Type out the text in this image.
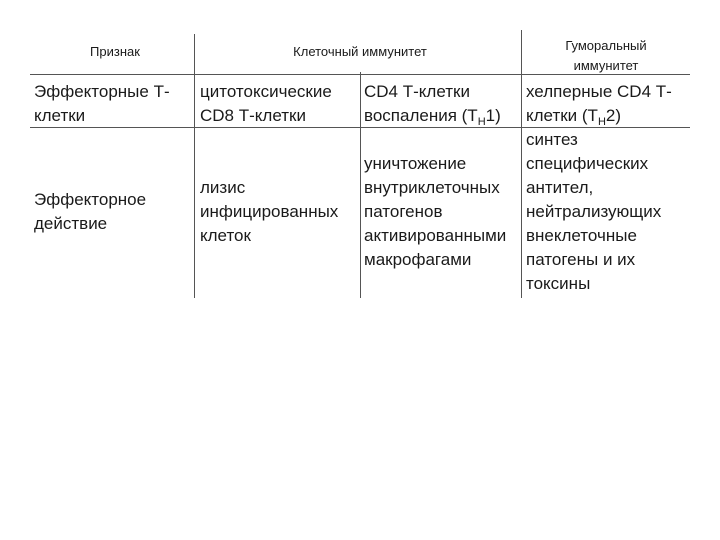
Признак	Клеточный иммунитет	Гуморальный
иммунитет
Эффекторные Т-
клетки
цитотоксические
CD8 Т-клетки
CD4 Т-клетки
воспаления $(Т_Н1)$
хелперные CD4 Т-
клетки $(Т_Н2)$
Эффекторное
действие
лизис
инфицированных
клеток
уничтожение
внутриклеточных
патогенов
активированными
макрофагами
синтез
специфических
антител,
нейтрализующих
внеклеточные
патогены и их
токсины
